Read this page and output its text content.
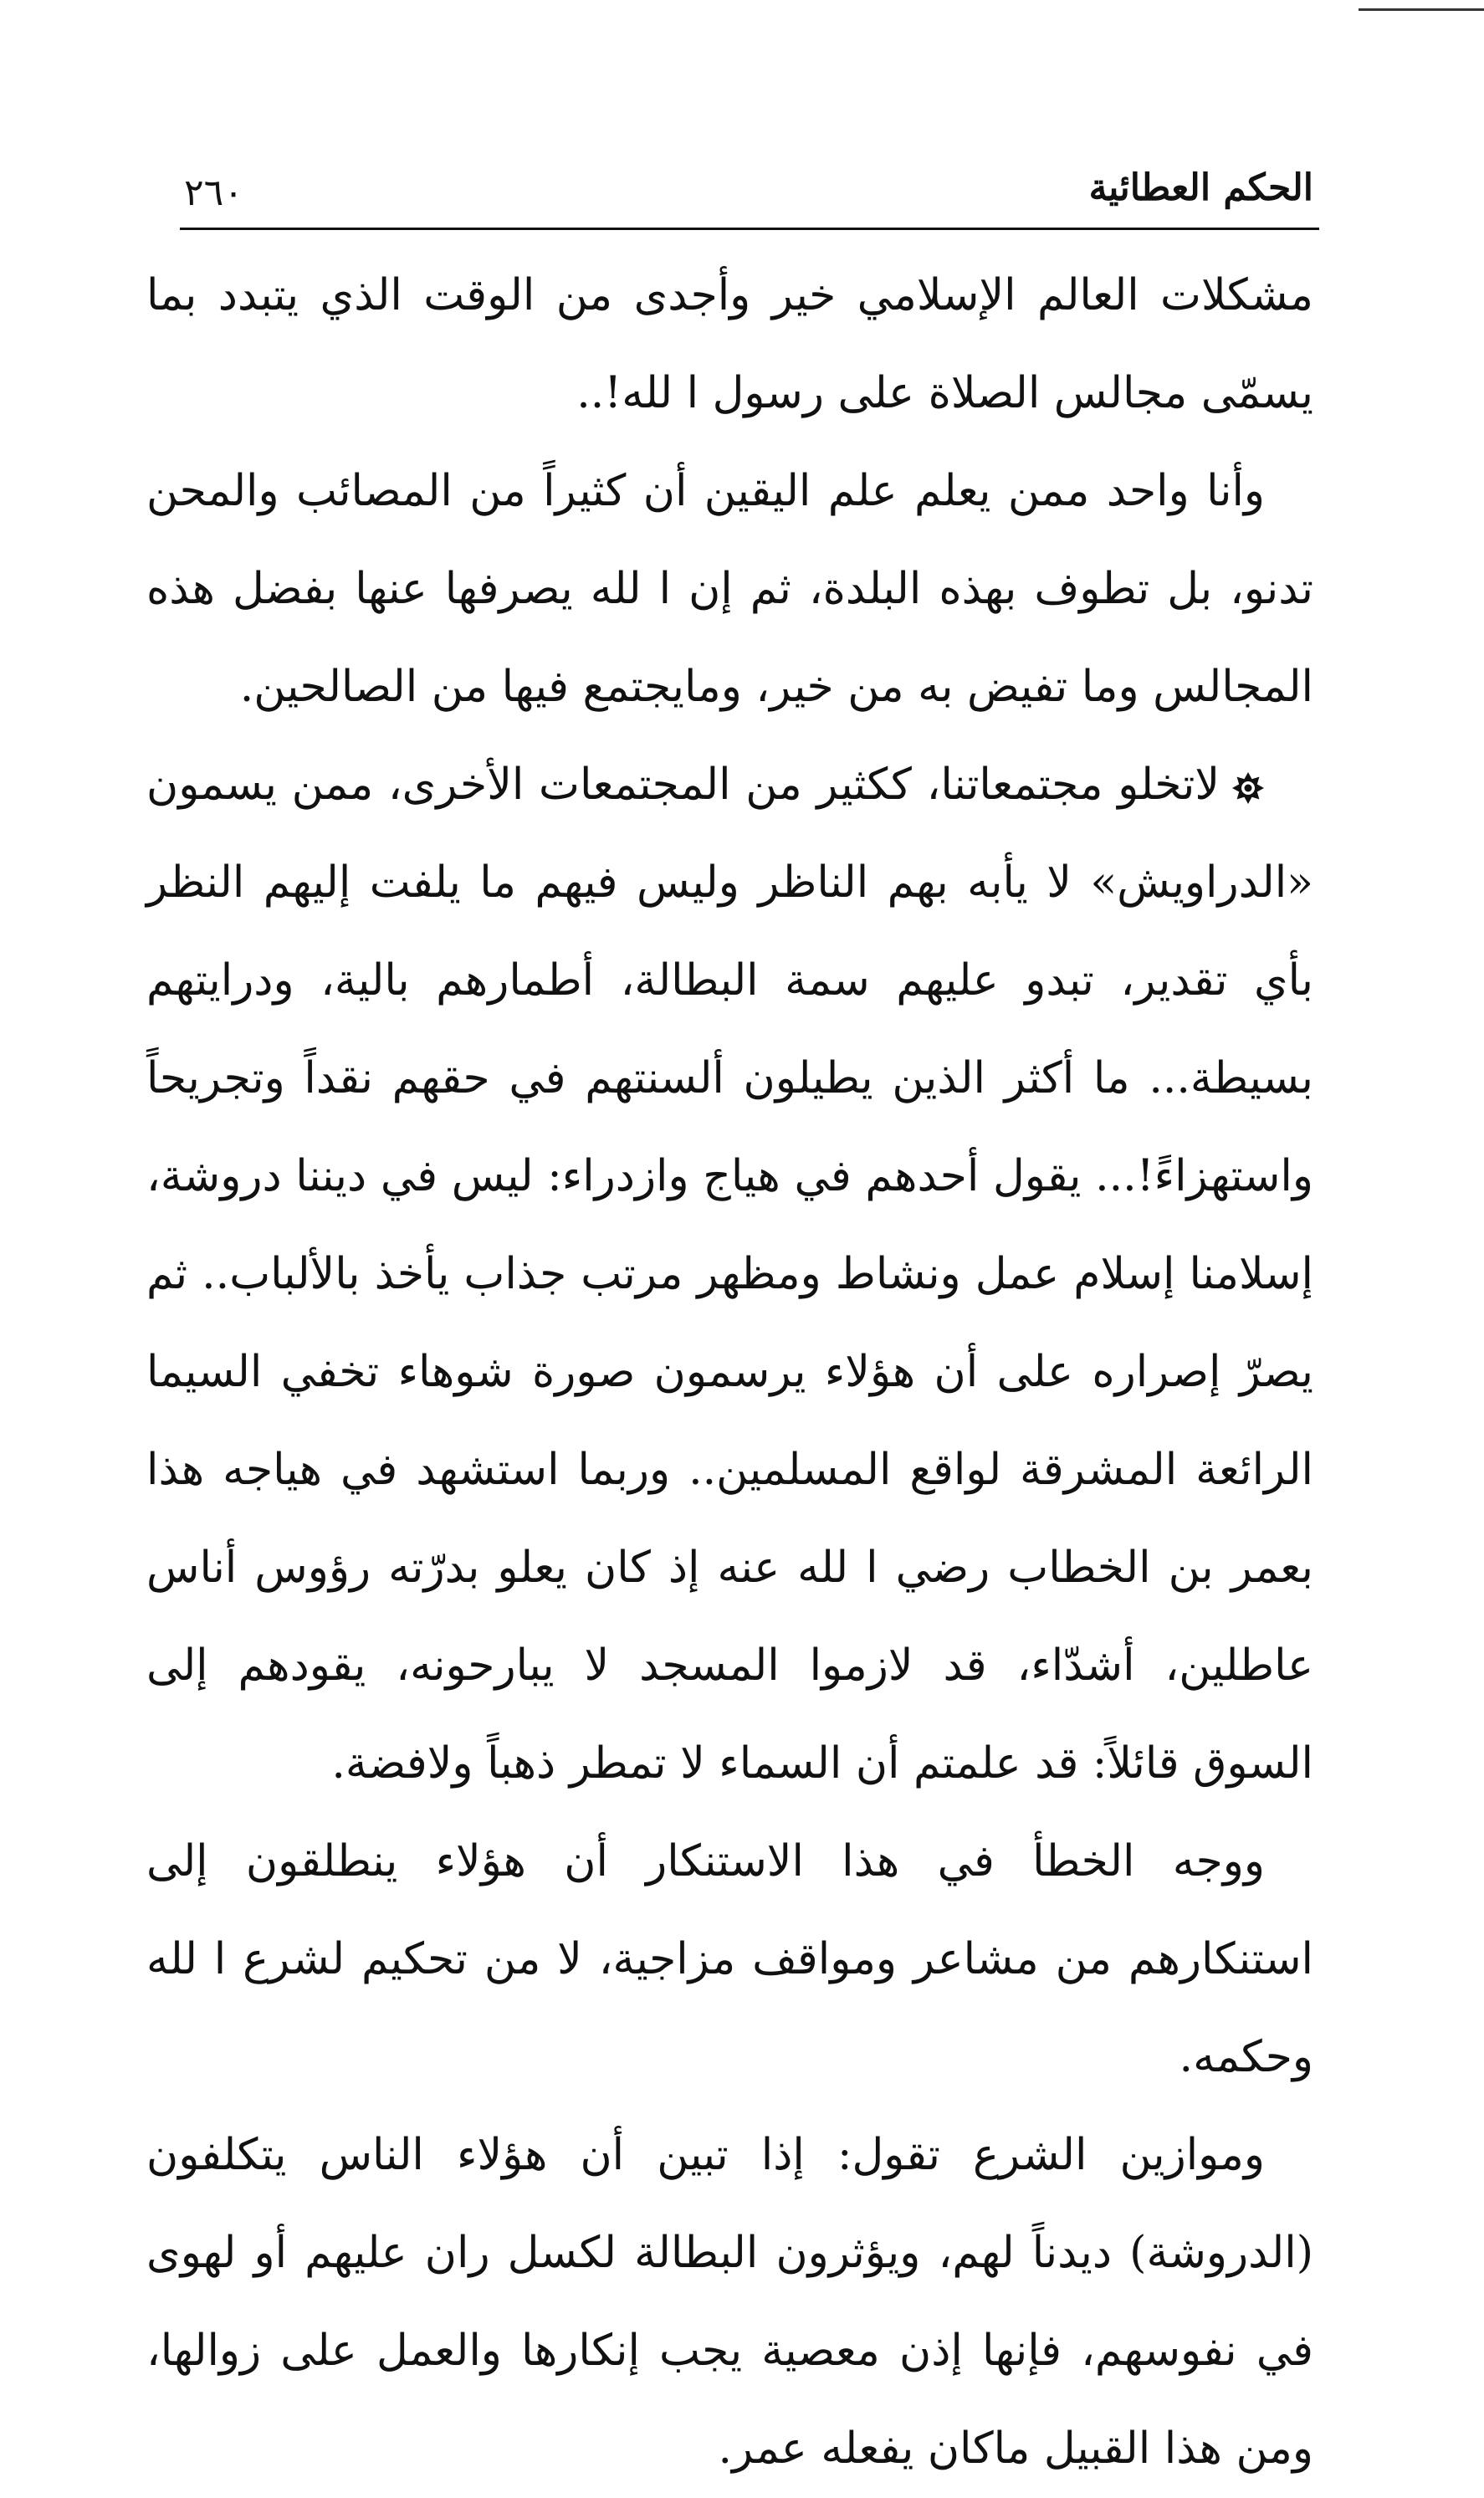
الحكم العطائية
٢٦٠

مشكلات العالم الإسلامي خير وأجدى من الوقت الذي يتبدد بما يسمّى مجالس الصلاة على رسول ا لله!..

وأنا واحد ممن يعلم علم اليقين أن كثيراً من المصائب والمحن تدنو، بل تطوف بهذه البلدة، ثم إن ا لله يصرفها عنها بفضل هذه المجالس وما تفيض به من خير، ومايجتمع فيها من الصالحين.

لاتخلو مجتمعاتنا، ككثير من المجتمعات الأخرى، ممن يسمون «الدراويش» لا يأبه بهم الناظر وليس فيهم ما يلفت إليهم النظر بأي تقدير، تبدو عليهم سمة البطالة، أطمارهم بالية، ودرايتهم بسيطة... ما أكثر الذين يطيلون ألسنتهم في حقهم نقداً وتجريحاً واستهزاءً!... يقول أحدهم في هياج وازدراء: ليس في ديننا دروشة، إسلامنا إسلام عمل ونشاط ومظهر مرتب جذاب يأخذ بالألباب.. ثم يصرّ إصراره على أن هؤلاء يرسمون صورة شوهاء تخفي السيما الرائعة المشرقة لواقع المسلمين.. وربما استشهد في هياجه هذا بعمر بن الخطاب رضي ا لله عنه إذ كان يعلو بدرّته رؤوس أناس عاطلين، أشدّاء، قد لازموا المسجد لا يبارحونه، يقودهم إلى السوق قائلاً: قد علمتم أن السماء لا تمطر ذهباً ولافضة.

ووجه الخطأ في هذا الاستنكار أن هؤلاء ينطلقون إلى استنكارهم من مشاعر ومواقف مزاجية، لا من تحكيم لشرع ا لله وحكمه.

وموازين الشرع تقول: إذا تبين أن هؤلاء الناس يتكلفون (الدروشة) ديدناً لهم، ويؤثرون البطالة لكسل ران عليهم أو لهوى في نفوسهم، فإنها إذن معصية يجب إنكارها والعمل على زوالها، ومن هذا القبيل ماكان يفعله عمر.
